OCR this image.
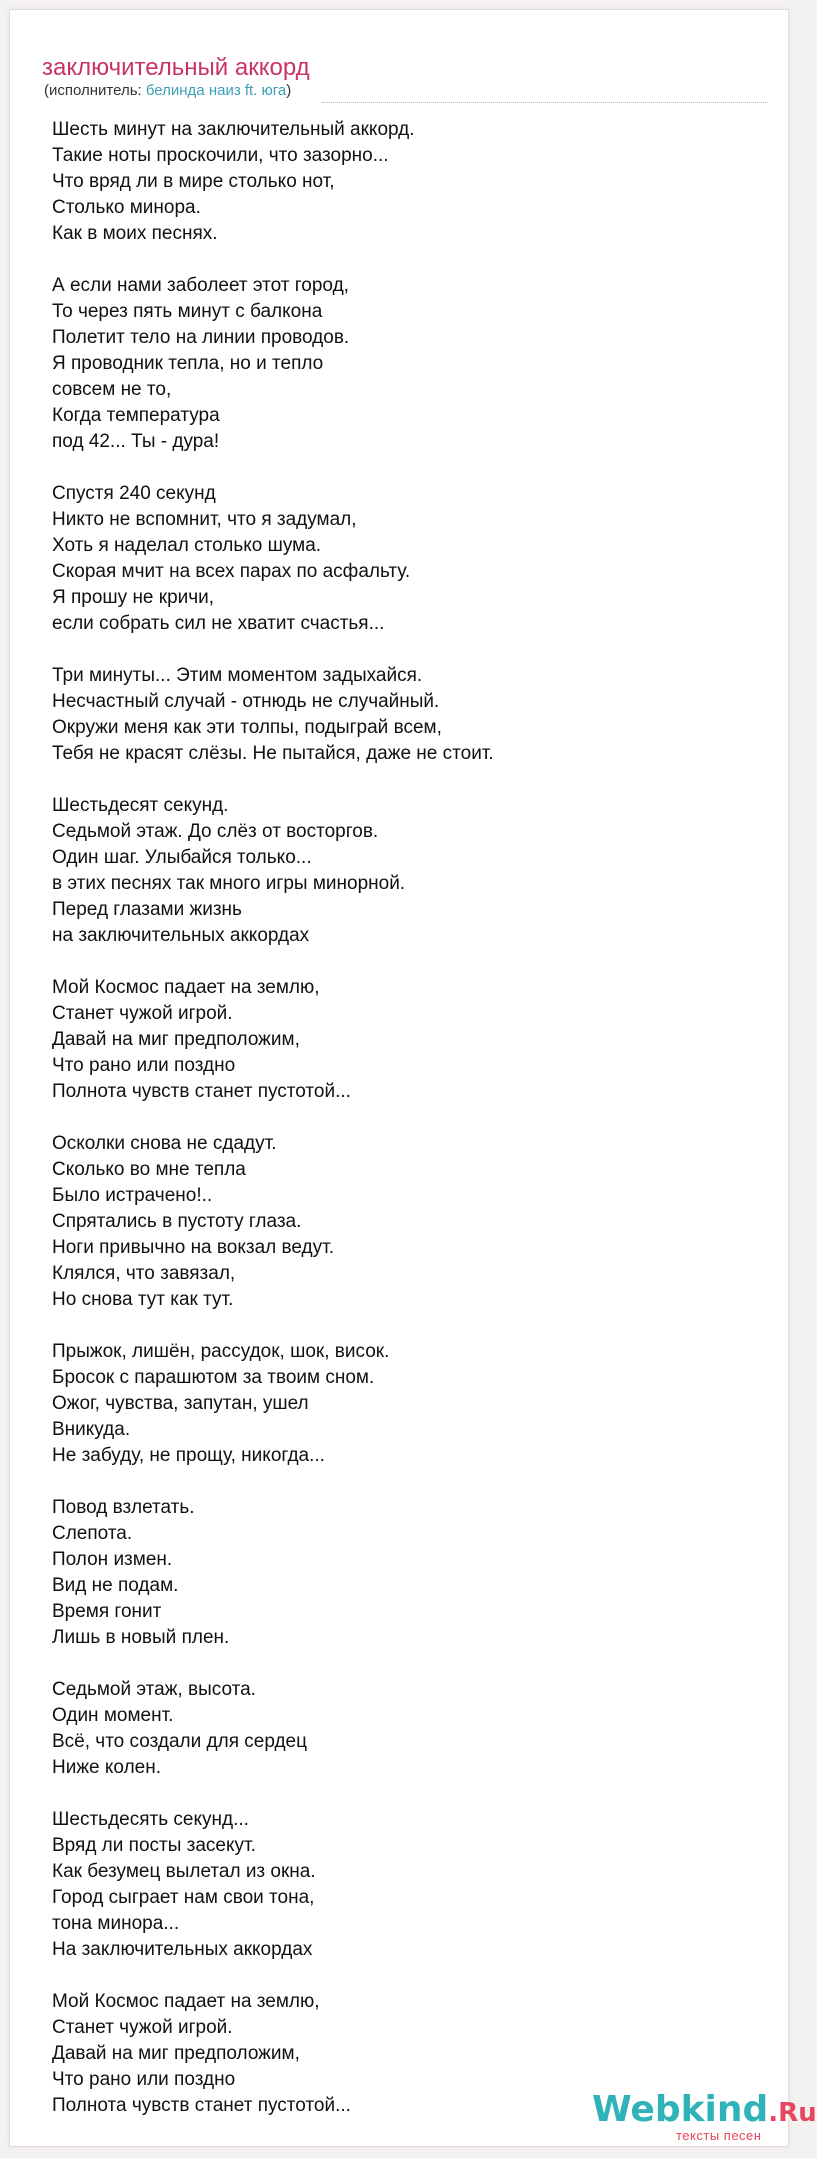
заключительный аккорд
(исполнитель: белинда наиз ft. юга)
Шесть минут на заключительный аккорд.
Такие ноты проскочили, что зазорно...
Что вряд ли в мире столько нот,
Столько минора.
Как в моих песнях.
А если нами заболеет этот город,
То через пять минут с балкона
Полетит тело на линии проводов.
Я проводник тепла, но и тепло
совсем не то,
Когда температура
под 42... Ты - дура!
Спустя 240 секунд
Никто не вспомнит, что я задумал,
Хоть я наделал столько шума.
Скорая мчит на всех парах по асфальту.
Я прошу не кричи,
если собрать сил не хватит счастья...
Три минуты... Этим моментом задыхайся.
Несчастный случай - отнюдь не случайный.
Окружи меня как эти толпы, подыграй всем,
Тебя не красят слёзы. Не пытайся, даже не стоит.
Шестьдесят секунд.
Седьмой этаж. До слёз от восторгов.
Один шаг. Улыбайся только...
в этих песнях так много игры минорной.
Перед глазами жизнь
на заключительных аккордах
Мой Космос падает на землю,
Станет чужой игрой.
Давай на миг предположим,
Что рано или поздно
Полнота чувств станет пустотой...
Осколки снова не сдадут.
Сколько во мне тепла
Было истрачено!..
Спрятались в пустоту глаза.
Ноги привычно на вокзал ведут.
Клялся, что завязал,
Но снова тут как тут.
Прыжок, лишён, рассудок, шок, висок.
Бросок с парашютом за твоим сном.
Ожог, чувства, запутан, ушел
Вникуда.
Не забуду, не прощу, никогда...
Повод взлетать.
Слепота.
Полон измен.
Вид не подам.
Время гонит
Лишь в новый плен.
Седьмой этаж, высота.
Один момент.
Всё, что создали для сердец
Ниже колен.
Шестьдесять секунд...
Вряд ли посты засекут.
Как безумец вылетал из окна.
Город сыграет нам свои тона,
тона минора...
На заключительных аккордах
Мой Космос падает на землю,
Станет чужой игрой.
Давай на миг предположим,
Что рано или поздно
Полнота чувств станет пустотой...	Webkind.Ru
тексты песен
